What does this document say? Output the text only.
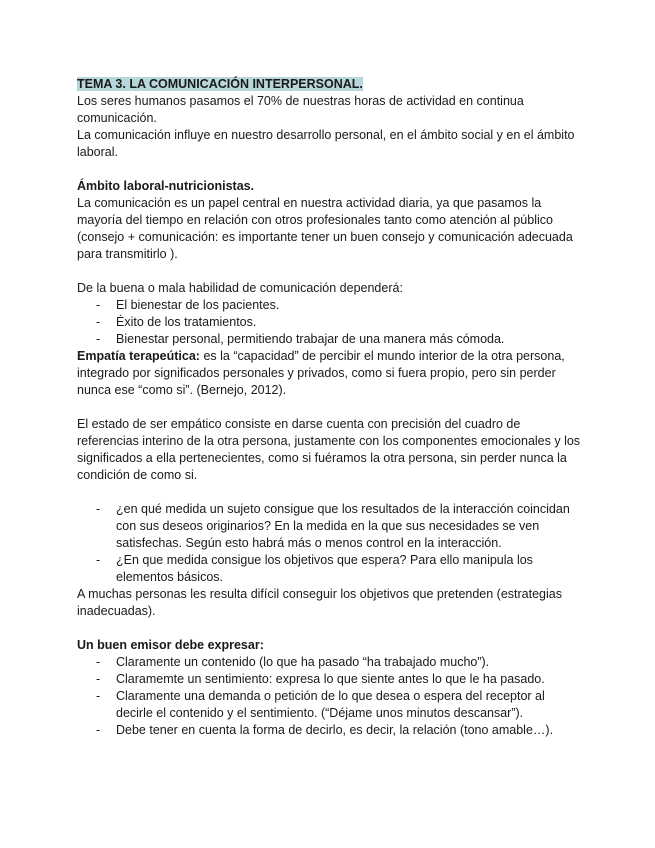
TEMA 3. LA COMUNICACIÓN INTERPERSONAL.

Los seres humanos pasamos el 70% de nuestras horas de actividad en continua comunicación.

La comunicación influye en nuestro desarrollo personal, en el ámbito social y en el ámbito laboral.

Ámbito laboral-nutricionistas.

La comunicación es un papel central en nuestra actividad diaria, ya que pasamos la mayoría del tiempo en relación con otros profesionales tanto como atención al público (consejo + comunicación: es importante tener un buen consejo y comunicación adecuada para transmitirlo ).

De la buena o mala habilidad de comunicación dependerá:

- El bienestar de los pacientes.
- Éxito de los tratamientos.
- Bienestar personal, permitiendo trabajar de una manera más cómoda.

Empatía terapeútica: es la “capacidad” de percibir el mundo interior de la otra persona, integrado por significados personales y privados, como si fuera propio, pero sin perder nunca ese “como si”. (Bernejo, 2012).

El estado de ser empático consiste en darse cuenta con precisión del cuadro de referencias interino de la otra persona, justamente con los componentes emocionales y los significados a ella pertenecientes, como si fuéramos la otra persona, sin perder nunca la condición de como si.

- ¿en qué medida un sujeto consigue que los resultados de la interacción coincidan con sus deseos originarios? En la medida en la que sus necesidades se ven satisfechas. Según esto habrá más o menos control en la interacción.
- ¿En que medida consigue los objetivos que espera? Para ello manipula los elementos básicos.

A muchas personas les resulta difícil conseguir los objetivos que pretenden (estrategias inadecuadas).

Un buen emisor debe expresar:

- Claramente un contenido (lo que ha pasado “ha trabajado mucho”).
- Claramemte un sentimiento: expresa lo que siente antes lo que le ha pasado.
- Claramente una demanda o petición de lo que desea o espera del receptor al decirle el contenido y el sentimiento. (“Déjame unos minutos descansar”).
- Debe tener en cuenta la forma de decirlo, es decir, la relación (tono amable…).
